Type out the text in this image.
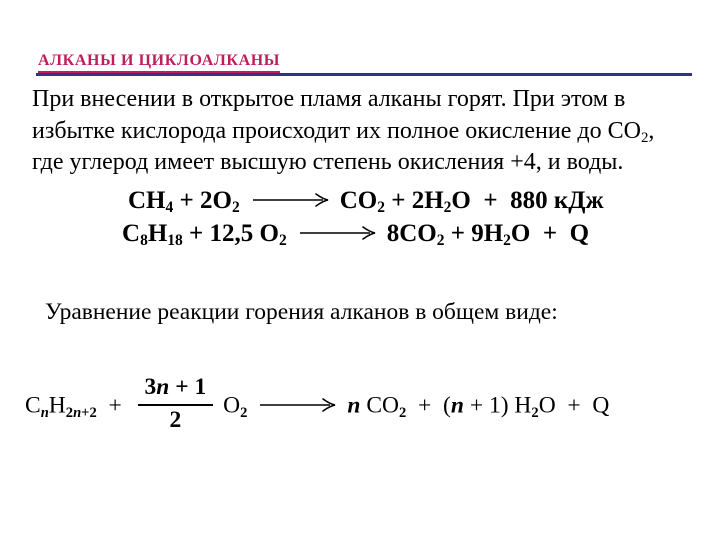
АЛКАНЫ И ЦИКЛОАЛКАНЫ
При внесении в открытое пламя алканы горят. При этом в
избытке кислорода происходит их полное окисление до $CO_2$,
где углерод имеет высшую степень окисления +4, и воды.
$CH_4 + 2O_2$	$CO_2 + 2H_2O + 880$ кДж
$C_8H_{18} + 12,5$ $O_2$	$8CO_2 + 9H_2O + Q$
Уравнение реакции горения алканов в общем виде:
$C_nH_{2n+2} + \frac{3n + 1}{2} O_2$	n $CO_2 + (n + 1) H_2O + Q$
